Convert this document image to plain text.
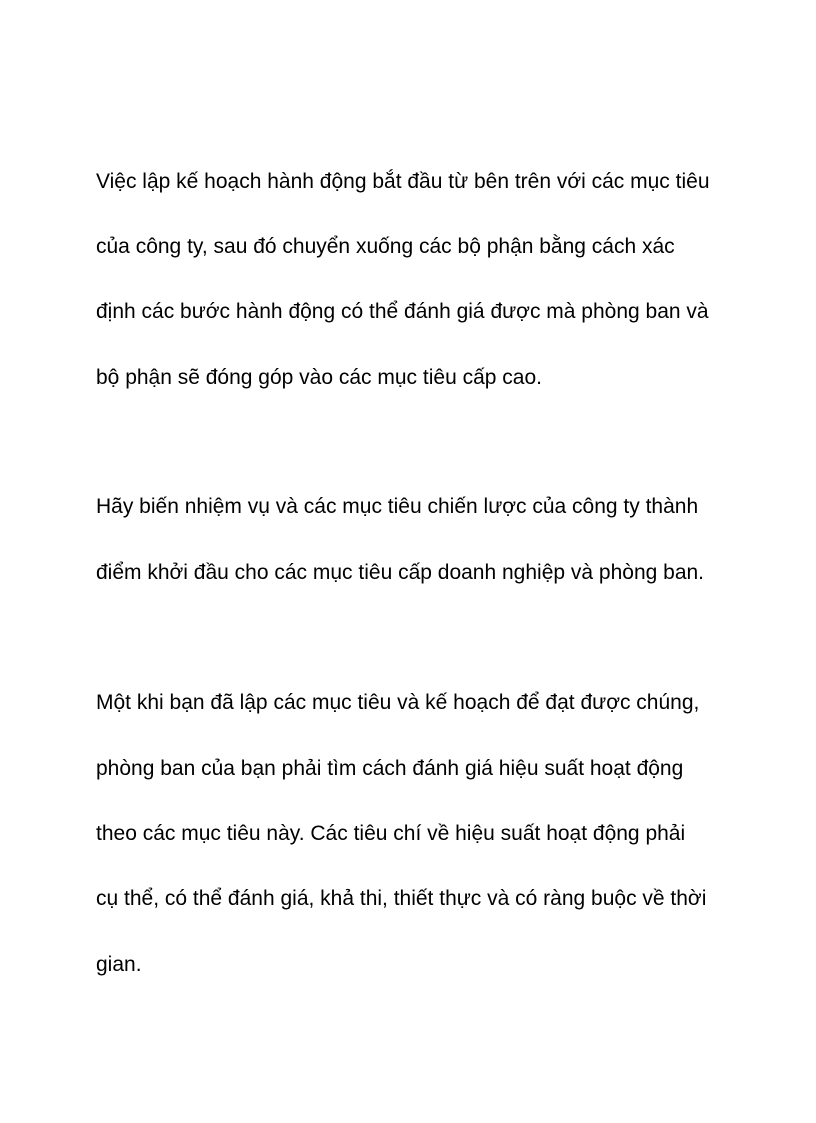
Việc lập kế hoạch hành động bắt đầu từ bên trên với các mục tiêu

của công ty, sau đó chuyển xuống các bộ phận bằng cách xác

định các bước hành động có thể đánh giá được mà phòng ban và

bộ phận sẽ đóng góp vào các mục tiêu cấp cao.

Hãy biến nhiệm vụ và các mục tiêu chiến lược của công ty thành

điểm khởi đầu cho các mục tiêu cấp doanh nghiệp và phòng ban.

Một khi bạn đã lập các mục tiêu và kế hoạch để đạt được chúng,

phòng ban của bạn phải tìm cách đánh giá hiệu suất hoạt động

theo các mục tiêu này. Các tiêu chí về hiệu suất hoạt động phải

cụ thể, có thể đánh giá, khả thi, thiết thực và có ràng buộc về thời

gian.
